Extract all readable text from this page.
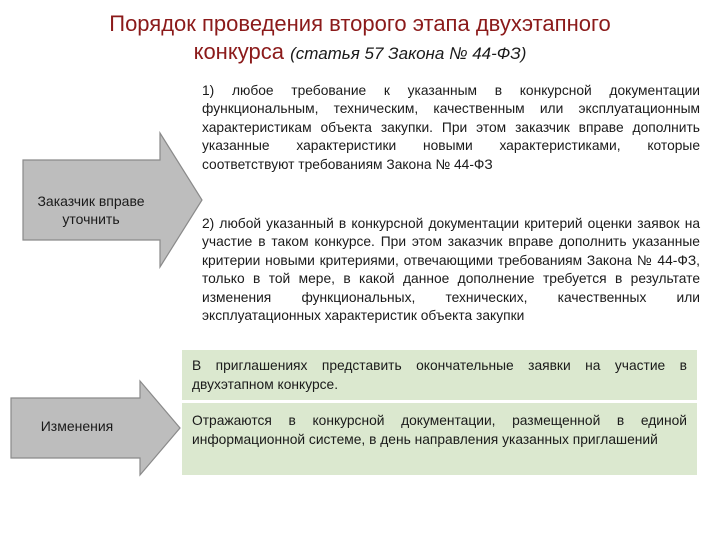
Порядок проведения второго этапа двухэтапного
конкурса (статья 57 Закона № 44-ФЗ)
Заказчик вправе уточнить

1) любое требование к указанным в конкурсной документации функциональным, техническим, качественным или эксплуатационным характеристикам объекта закупки. При этом заказчик вправе дополнить указанные характеристики новыми характеристиками, которые соответствуют требованиям Закона № 44-ФЗ

2) любой указанный в конкурсной документации критерий оценки заявок на участие в таком конкурсе. При этом заказчик вправе дополнить указанные критерии новыми критериями, отвечающими требованиям Закона № 44-ФЗ, только в той мере, в какой данное дополнение требуется в результате изменения функциональных, технических, качественных или эксплуатационных характеристик объекта закупки

Изменения
В приглашениях представить окончательные заявки на участие в двухэтапном конкурсе.
Отражаются в конкурсной документации, размещенной в единой информационной системе, в день направления указанных приглашений
